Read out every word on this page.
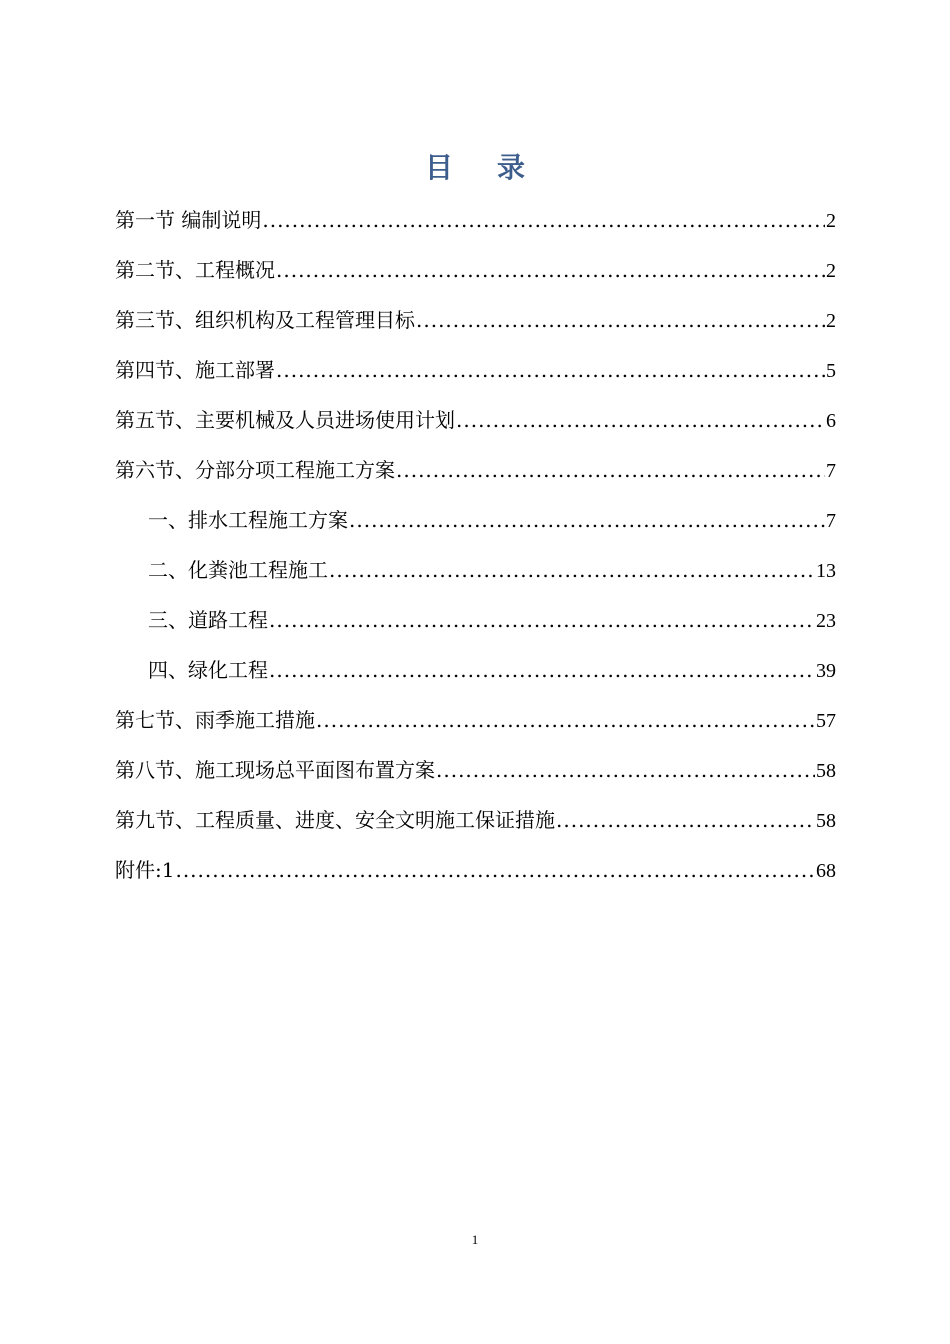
目 录
第一节 编制说明 .....	2
第二节、工程概况 .....	2
第三节、组织机构及工程管理目标 .....	2
第四节、施工部署 .....	5
第五节、主要机械及人员进场使用计划 .....	6
第六节、分部分项工程施工方案 .....	7
一、排水工程施工方案 .....	7
二、化粪池工程施工 .....	13
三、道路工程 .....	23
四、绿化工程 .....	39
第七节、雨季施工措施 .....	57
第八节、施工现场总平面图布置方案 .....	58
第九节、工程质量、进度、安全文明施工保证措施 .....	58
附件:1 .....	68
1
